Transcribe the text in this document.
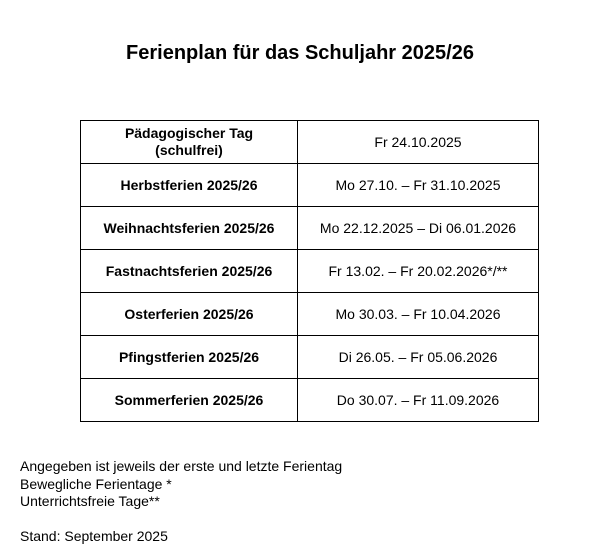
Ferienplan für das Schuljahr 2025/26
Pädagogischer Tag
(schulfrei)	Fr 24.10.2025
Herbstferien 2025/26	Mo 27.10. – Fr 31.10.2025
Weihnachtsferien 2025/26	Mo 22.12.2025 – Di 06.01.2026
Fastnachtsferien 2025/26	Fr 13.02. – Fr 20.02.2026*/**
Osterferien 2025/26	Mo 30.03. – Fr 10.04.2026
Pfingstferien 2025/26	Di 26.05. – Fr 05.06.2026
Sommerferien 2025/26	Do 30.07. – Fr 11.09.2026
Angegeben ist jeweils der erste und letzte Ferientag
Bewegliche Ferientage *
Unterrichtsfreie Tage**
Stand: September 2025
